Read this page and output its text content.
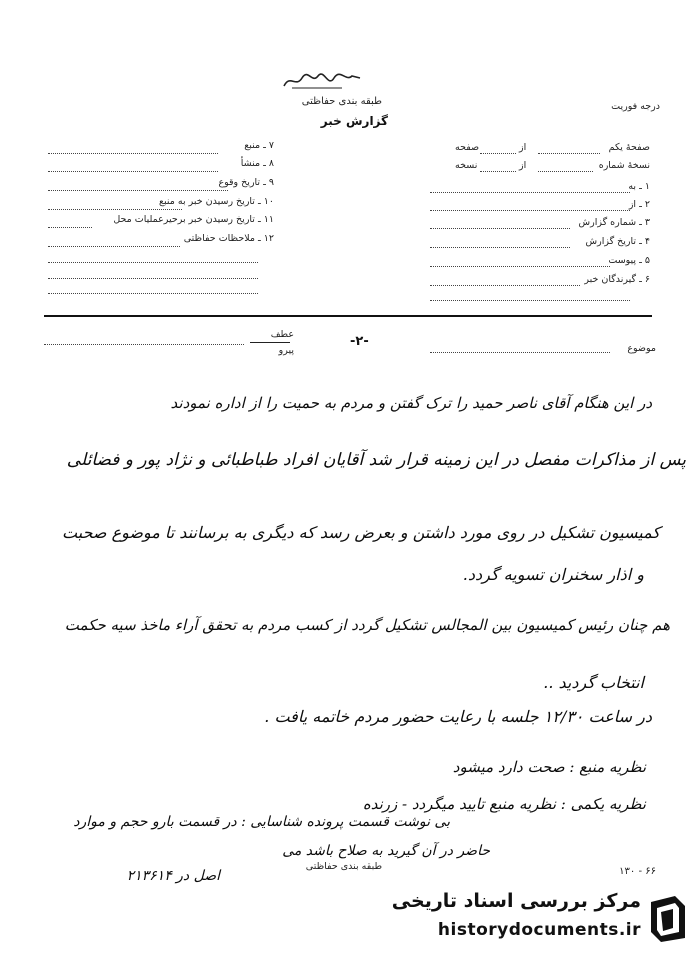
طبقه بندی حفاظتی
گزارش خبر
درجه فوریت
۷ ـ منبع
۸ ـ منشأ
۹ ـ تاریخ وقوع
۱۰ ـ تاریخ رسیدن خبر به منبع
۱۱ ـ تاریخ رسیدن خبر برحیرعملیات محل
۱۲ ـ ملاحظات حفاظتی
صفحهٔ یکم
از
صفحه
نسخهٔ شماره
از
نسخه
۱ ـ به
۲ ـ از
۳ ـ شماره گزارش
۴ ـ تاریخ گزارش
۵ ـ پیوست
۶ ـ گیرندگان خبر
موضوع
-۲-
عطف
پیرو
در این هنگام آقای ناصر حمید را ترک گفتن و مردم به حمیت را از اداره نمودند
پس از مذاکرات مفصل در این زمینه قرار شد آقایان افراد طباطبائی و نژاد پور و فضائلی
کمیسیون تشکیل در روی مورد داشتن و بعرض رسد که دیگری به برسانند تا موضوع صحبت
و اذار سخنران تسویه گردد.
هم چنان رئیس کمیسیون بین المجالس تشکیل گردد از کسب مردم به تحقق آراء ماخذ سیه حکمت
انتخاب گردید ..
در ساعت ۱۲/۳۰ جلسه با رعایت حضور مردم خاتمه یافت .
نظریه منبع : صحت دارد میشود
نظریه یکمی : نظریه منبع تایید میگردد - زرنده
بی نوشت قسمت پرونده شناسایی : در قسمت بارو حجم و موارد
حاضر در آن گیرید به صلاح باشد می
اصل در ۲۱۳۶۱۴
طبقه بندی حفاظتی	۶۶ - ۱۳۰
مرکز بررسی اسناد تاریخی
historydocuments.ir
